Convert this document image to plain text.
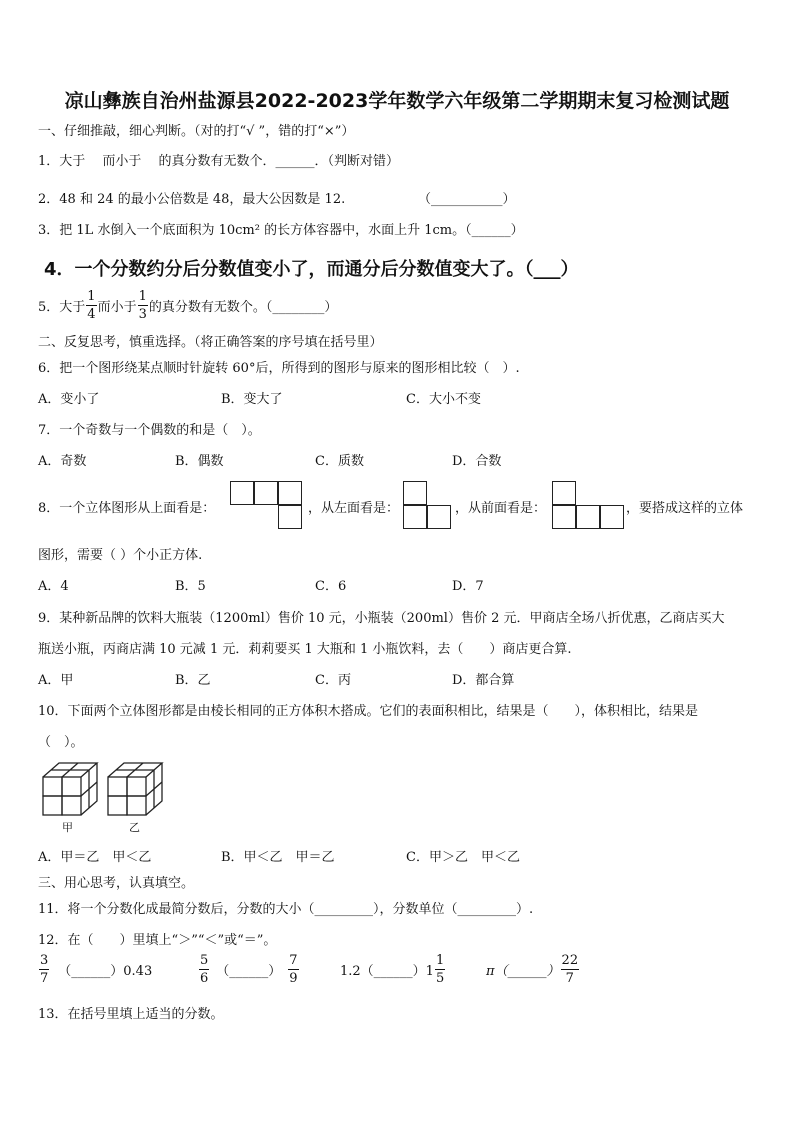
凉山彝族自治州盐源县2022-2023学年数学六年级第二学期期末复习检测试题
一、仔细推敲，细心判断。（对的打“√ ”，错的打“×”）
1．大于　 而小于　 的真分数有无数个．______．（判断对错）
2．48 和 24 的最小公倍数是 48，最大公因数是 12.	（___________）
3．把 1L 水倒入一个底面积为 10cm² 的长方体容器中，水面上升 1cm。（______）
4．一个分数约分后分数值变小了，而通分后分数值变大了。（___）
5．大于 $\frac{1}{4}$ 而小于 $\frac{1}{3}$ 的真分数有无数个。（________）
二、反复思考，慎重选择。（将正确答案的序号填在括号里）
6．把一个图形绕某点顺时针旋转 60°后，所得到的图形与原来的图形相比较（　）.
A．变小了	B．变大了	C．大小不变
7．一个奇数与一个偶数的和是（　）。
A．奇数	B．偶数	C．质数	D．合数
8．一个立体图形从上面看是：	，从左面看是：	，从前面看是：	，要搭成这样的立体
图形，需要（ ）个小正方体.
A．4	B．5	C．6	D．7
9．某种新品牌的饮料大瓶装（1200ml）售价 10 元，小瓶装（200ml）售价 2 元．甲商店全场八折优惠，乙商店买大
瓶送小瓶，丙商店满 10 元减 1 元．莉莉要买 1 大瓶和 1 小瓶饮料，去（　　）商店更合算.
A．甲	B．乙	C．丙	D．都合算
10．下面两个立体图形都是由棱长相同的正方体积木搭成。它们的表面积相比，结果是（　　），体积相比，结果是
（　）。
甲	乙
A．甲＝乙　甲＜乙	B．甲＜乙　甲＝乙	C．甲＞乙　甲＜乙
三、用心思考，认真填空。
11．将一个分数化成最简分数后，分数的大小（_________），分数单位（_________）.
12．在（　　）里填上“＞”“＜”或“＝”。
$\frac{3}{7}$ （______）0.43	$\frac{5}{6}$ （______） $\frac{7}{9}$	1.2（______）1 $\frac{1}{5}$	π（______） $\frac{22}{7}$
13．在括号里填上适当的分数。
